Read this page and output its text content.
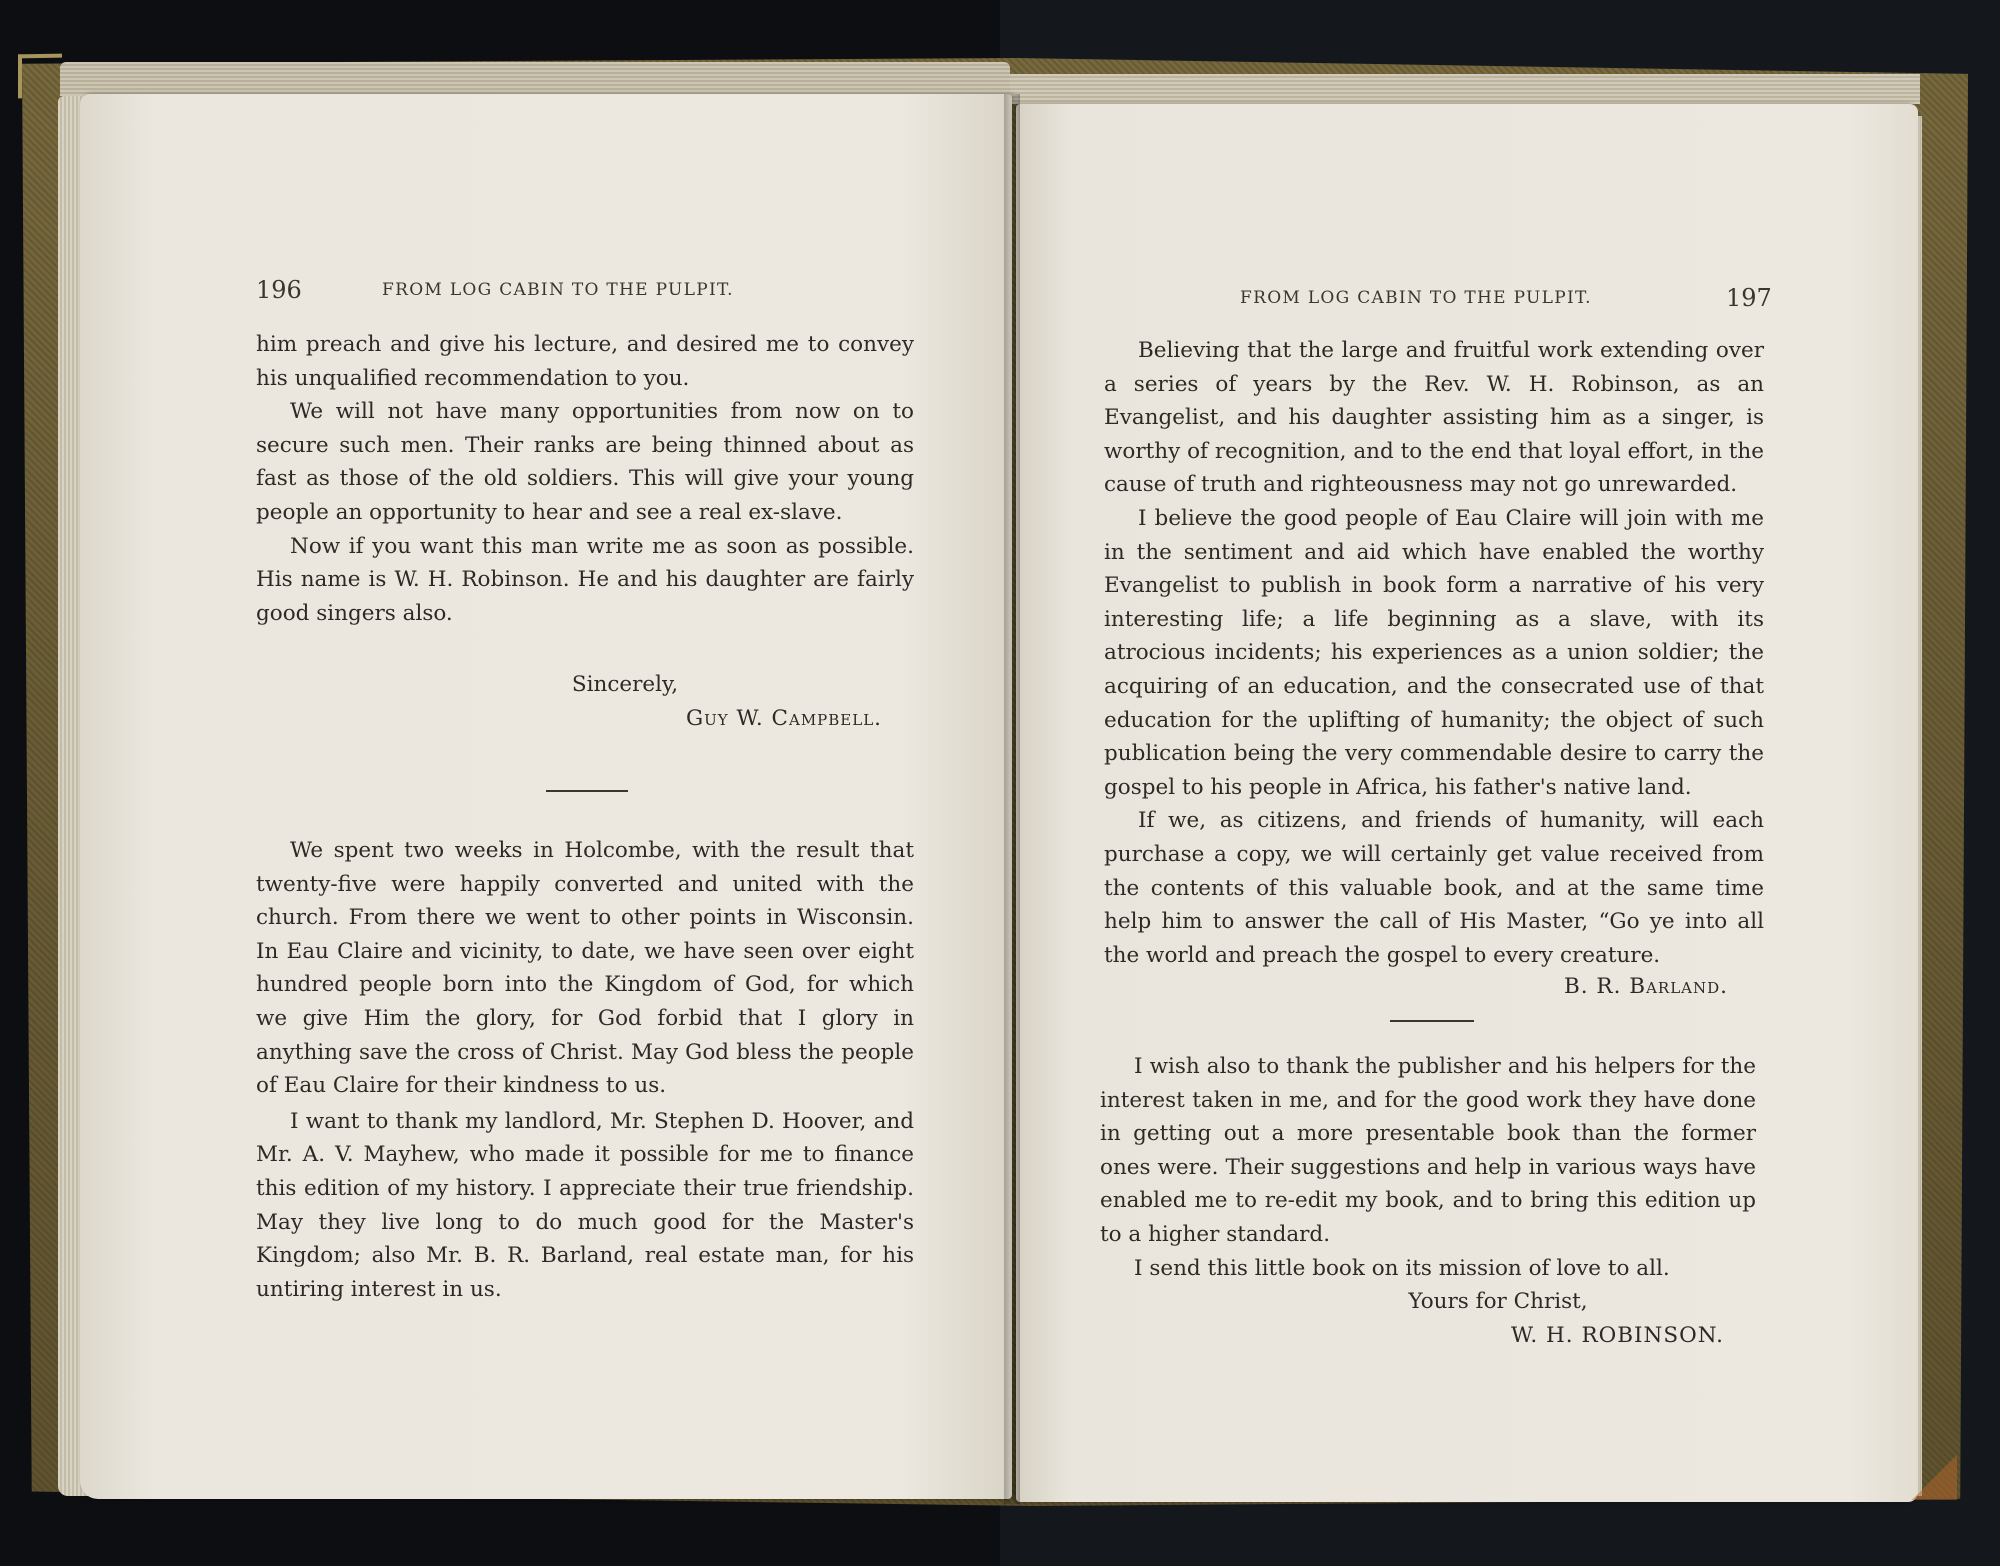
196	FROM LOG CABIN TO THE PULPIT.

him preach and give his lecture, and desired me to convey his unqualified recommendation to you.

We will not have many opportunities from now on to secure such men. Their ranks are being thinned about as fast as those of the old soldiers. This will give your young people an opportunity to hear and see a real ex-slave.

Now if you want this man write me as soon as possible. His name is W. H. Robinson. He and his daughter are fairly good singers also.

Sincerely,
Guy W. Campbell.

We spent two weeks in Holcombe, with the result that twenty-five were happily converted and united with the church. From there we went to other points in Wisconsin. In Eau Claire and vicinity, to date, we have seen over eight hundred people born into the Kingdom of God, for which we give Him the glory, for God forbid that I glory in anything save the cross of Christ. May God bless the people of Eau Claire for their kindness to us.

I want to thank my landlord, Mr. Stephen D. Hoover, and Mr. A. V. Mayhew, who made it possible for me to finance this edition of my history. I appreciate their true friendship. May they live long to do much good for the Master's Kingdom; also Mr. B. R. Barland, real estate man, for his untiring interest in us.

FROM LOG CABIN TO THE PULPIT.	197

Believing that the large and fruitful work extending over a series of years by the Rev. W. H. Robinson, as an Evangelist, and his daughter assisting him as a singer, is worthy of recognition, and to the end that loyal effort, in the cause of truth and righteousness may not go unrewarded.

I believe the good people of Eau Claire will join with me in the sentiment and aid which have enabled the worthy Evangelist to publish in book form a narrative of his very interesting life; a life beginning as a slave, with its atrocious incidents; his experiences as a union soldier; the acquiring of an education, and the consecrated use of that education for the uplifting of humanity; the object of such publication being the very commendable desire to carry the gospel to his people in Africa, his father's native land.

If we, as citizens, and friends of humanity, will each purchase a copy, we will certainly get value received from the contents of this valuable book, and at the same time help him to answer the call of His Master, “Go ye into all the world and preach the gospel to every creature.

B. R. Barland.

I wish also to thank the publisher and his helpers for the interest taken in me, and for the good work they have done in getting out a more presentable book than the former ones were. Their suggestions and help in various ways have enabled me to re-edit my book, and to bring this edition up to a higher standard.

I send this little book on its mission of love to all.

Yours for Christ,
W. H. ROBINSON.
